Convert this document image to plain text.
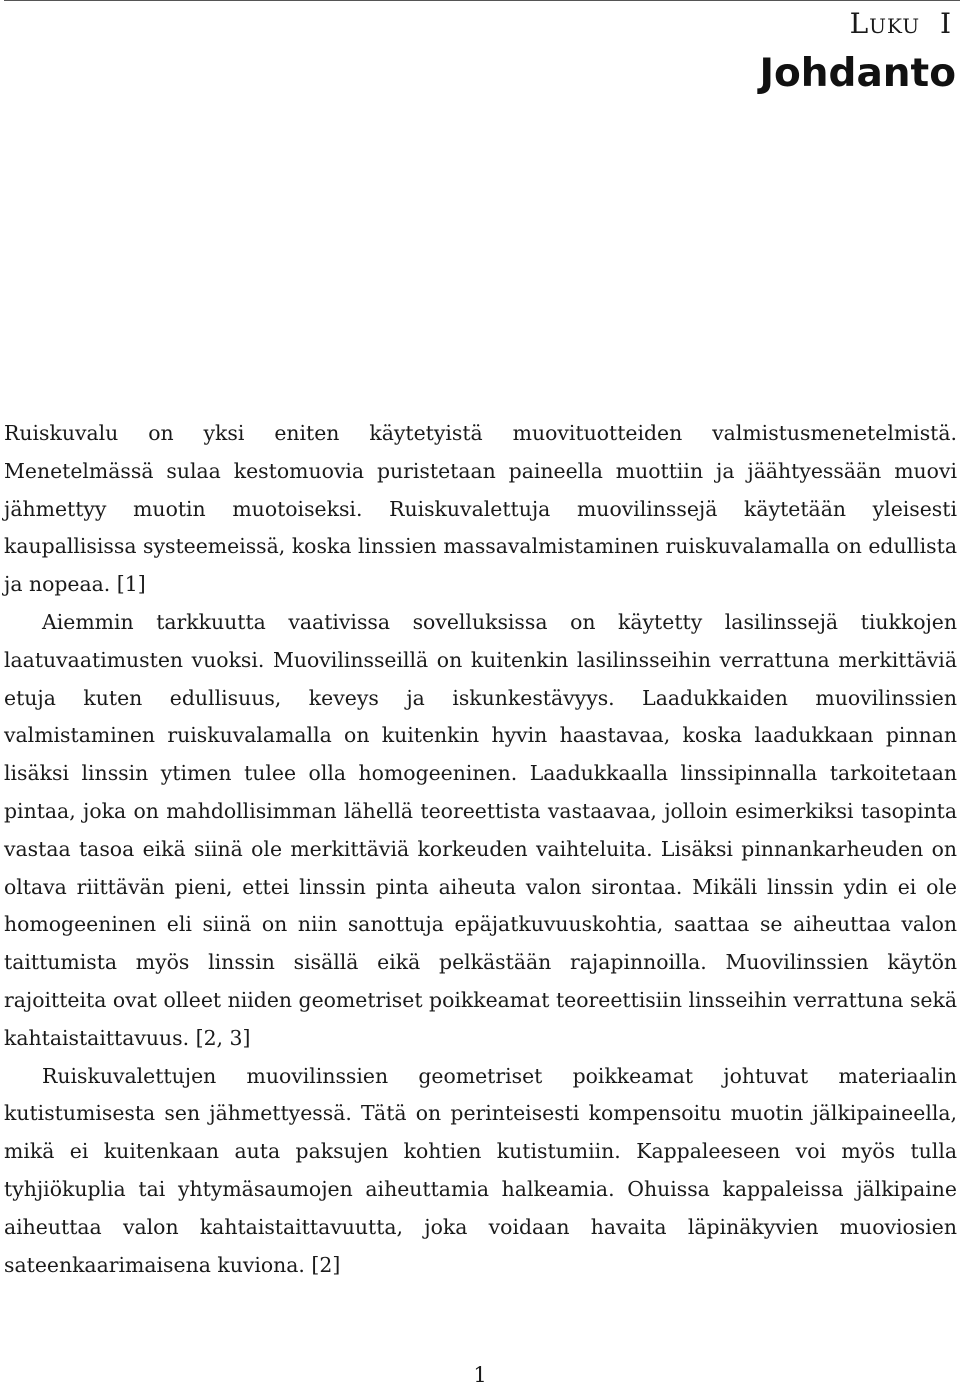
Luku I
Johdanto

Ruiskuvalu on yksi eniten käytetyistä muovituotteiden valmistusmenetelmistä. Menetelmässä sulaa kestomuovia puristetaan paineella muottiin ja jäähtyessään muovi jähmettyy muotin muotoiseksi. Ruiskuvalettuja muovilinssejä käytetään yleisesti kaupallisissa systeemeissä, koska linssien massavalmistaminen ruiskuvalamalla on edullista ja nopeaa. [1]

Aiemmin tarkkuutta vaativissa sovelluksissa on käytetty lasilinssejä tiukkojen laatuvaatimusten vuoksi. Muovilinsseillä on kuitenkin lasilinsseihin verrattuna merkittäviä etuja kuten edullisuus, keveys ja iskunkestävyys. Laadukkaiden muovilinssien valmistaminen ruiskuvalamalla on kuitenkin hyvin haastavaa, koska laadukkaan pinnan lisäksi linssin ytimen tulee olla homogeeninen. Laadukkaalla linssipinnalla tarkoitetaan pintaa, joka on mahdollisimman lähellä teoreettista vastaavaa, jolloin esimerkiksi tasopinta vastaa tasoa eikä siinä ole merkittäviä korkeuden vaihteluita. Lisäksi pinnankarheuden on oltava riittävän pieni, ettei linssin pinta aiheuta valon sirontaa. Mikäli linssin ydin ei ole homogeeninen eli siinä on niin sanottuja epäjatkuvuuskohtia, saattaa se aiheuttaa valon taittumista myös linssin sisällä eikä pelkästään rajapinnoilla. Muovilinssien käytön rajoitteita ovat olleet niiden geometriset poikkeamat teoreettisiin linsseihin verrattuna sekä kahtaistaittavuus. [2, 3]

Ruiskuvalettujen muovilinssien geometriset poikkeamat johtuvat materiaalin kutistumisesta sen jähmettyessä. Tätä on perinteisesti kompensoitu muotin jälkipaineella, mikä ei kuitenkaan auta paksujen kohtien kutistumiin. Kappaleeseen voi myös tulla tyhjiökuplia tai yhtymäsaumojen aiheuttamia halkeamia. Ohuissa kappaleissa jälkipaine aiheuttaa valon kahtaistaittavuutta, joka voidaan havaita läpinäkyvien muoviosien sateenkaarimaisena kuviona. [2]

1
